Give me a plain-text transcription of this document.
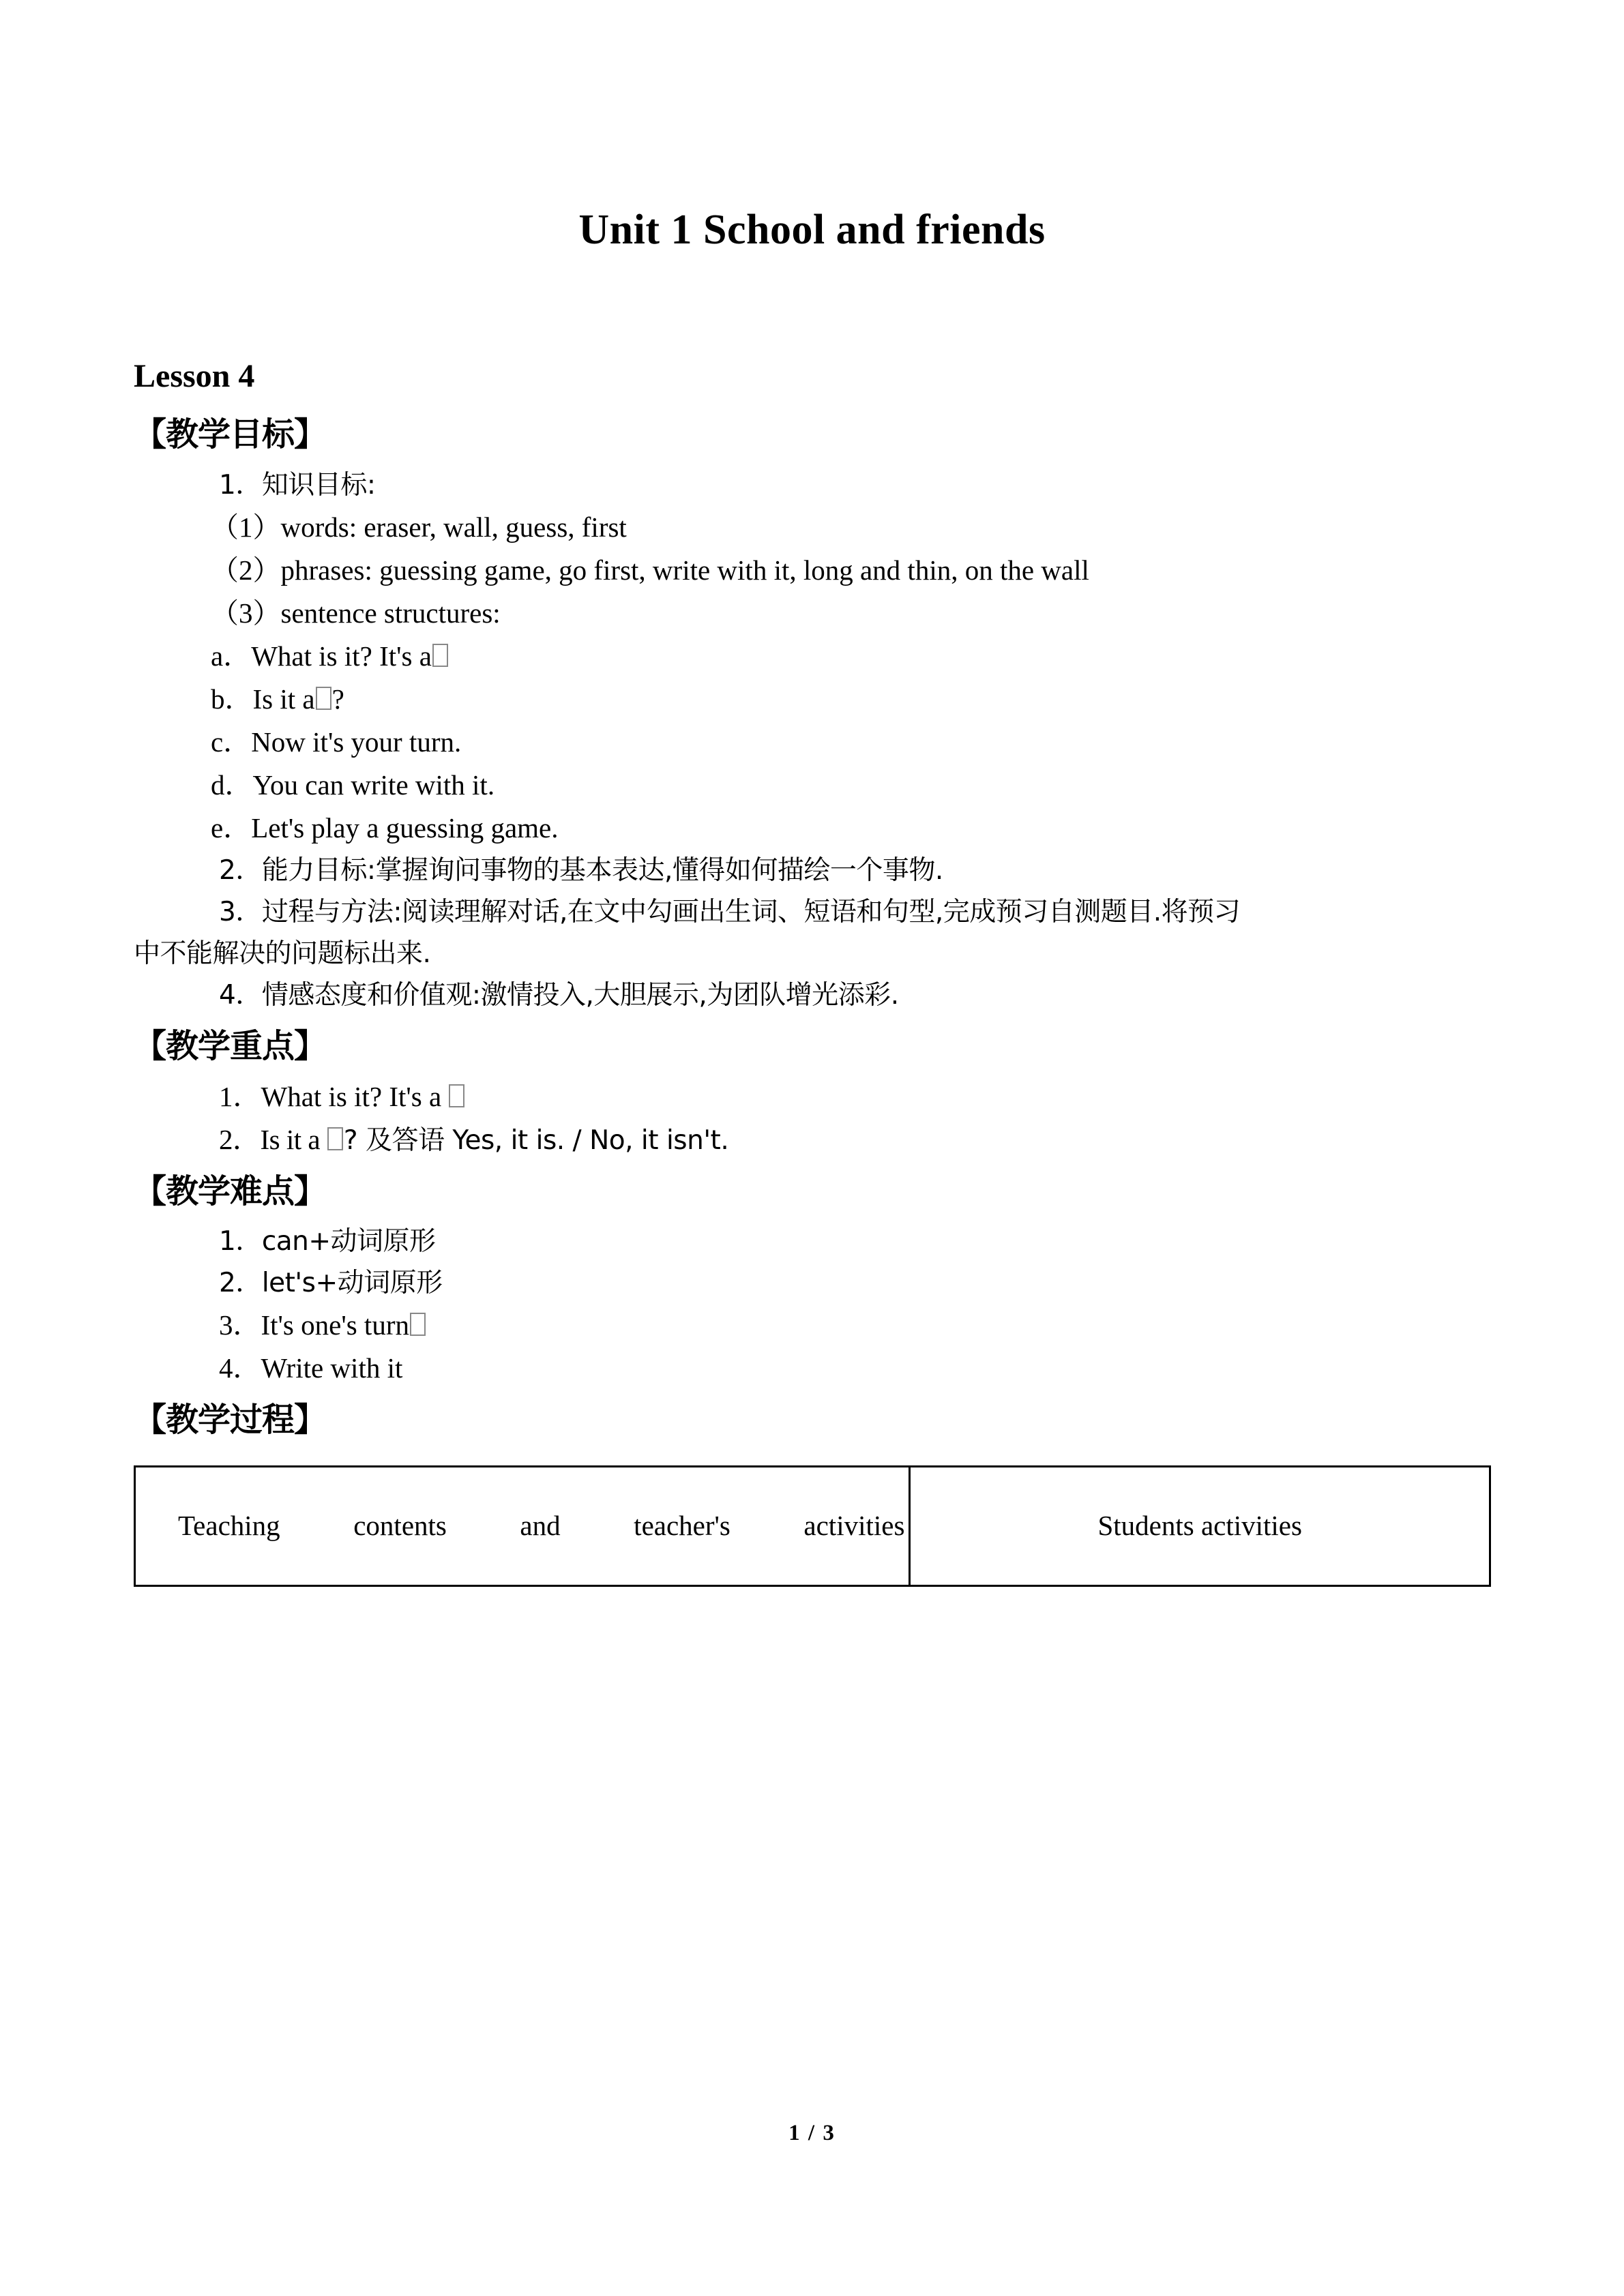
Unit 1 School and friends
Lesson 4
【教学目标】

1．知识目标:

（1）words: eraser, wall, guess, first

（2）phrases: guessing game, go first, write with it, long and thin, on the wall

（3）sentence structures:

a．What is it? It's a

b．Is it a ?

c．Now it's your turn.

d．You can write with it.

e．Let's play a guessing game.

2．能力目标:掌握询问事物的基本表达,懂得如何描绘一个事物.

3．过程与方法:阅读理解对话,在文中勾画出生词、短语和句型,完成预习自测题目.将预习

中不能解决的问题标出来.

4．情感态度和价值观:激情投入,大胆展示,为团队增光添彩.

【教学重点】

1．What is it? It's a

2．Is it a ? 及答语 Yes, it is. / No, it isn't.

【教学难点】

1．can+动词原形

2．let's+动词原形

3．It's one's turn

4．Write with it

【教学过程】
Teaching contents and teacher's activities	Students activities
1 / 3
